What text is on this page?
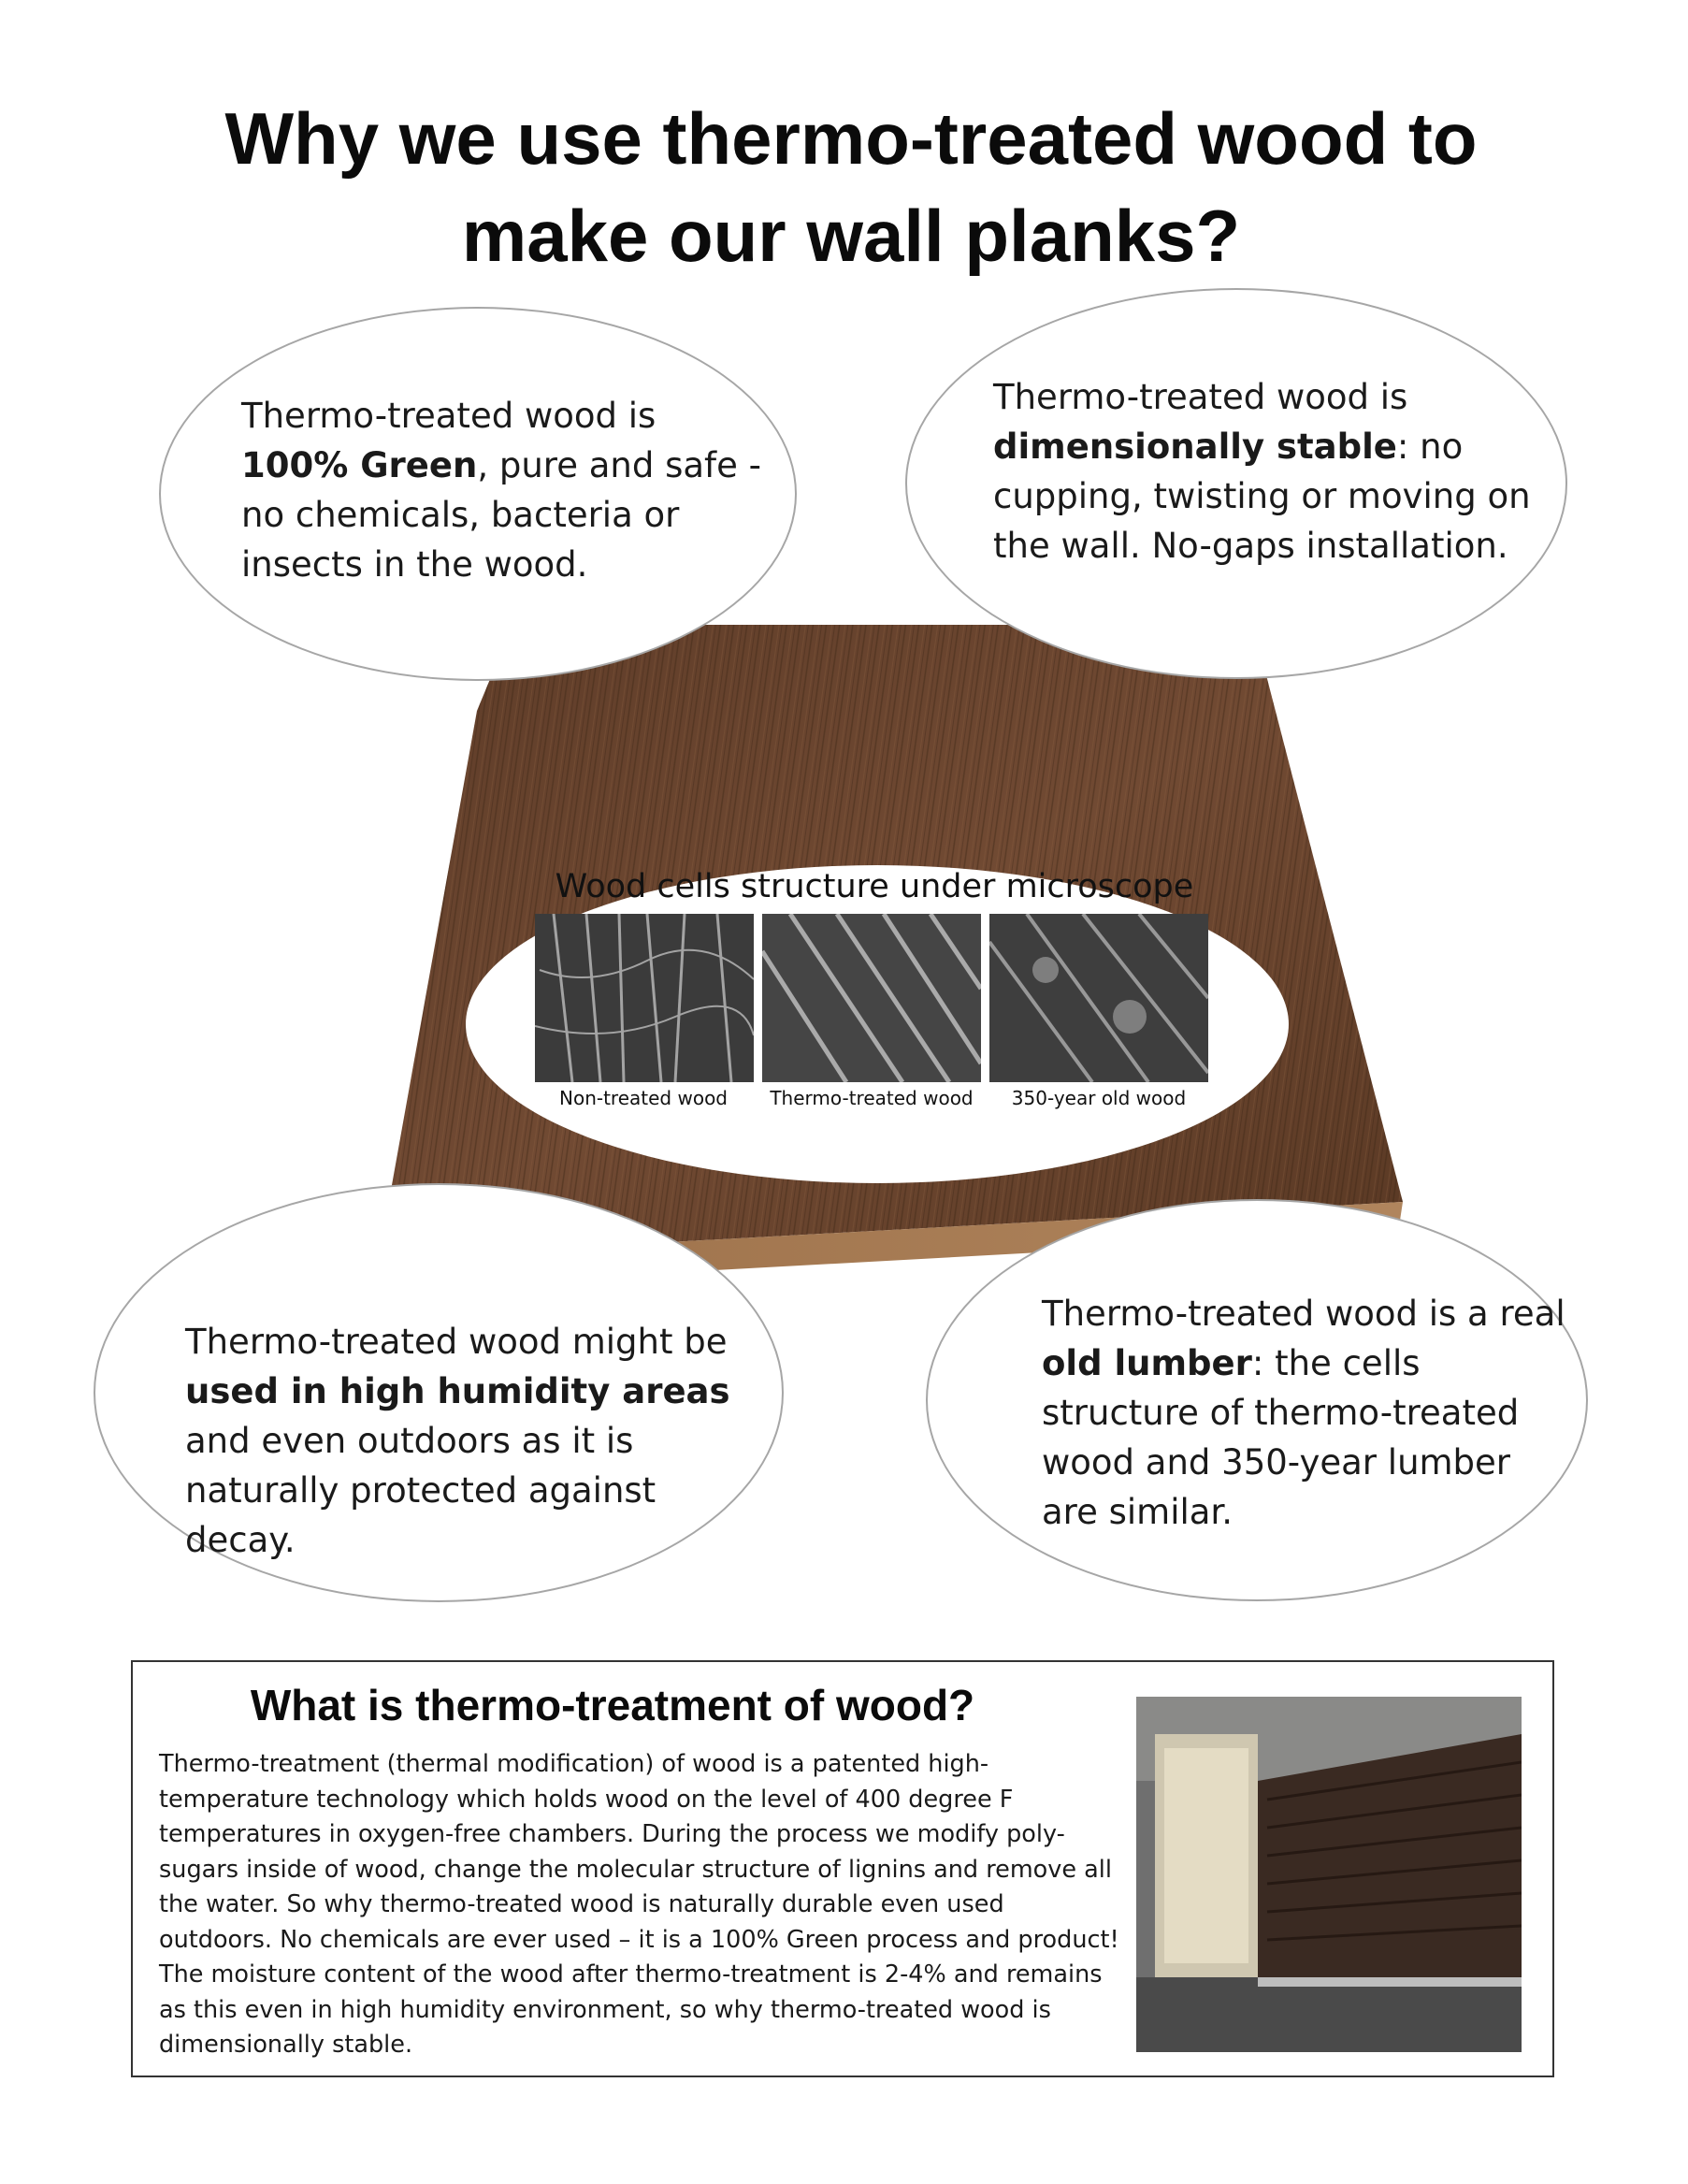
Why we use thermo-treated wood to
make our wall planks?
Thermo-treated wood is 100% Green, pure and safe - no chemicals, bacteria or insects in the wood.
Thermo-treated wood is dimensionally stable: no cupping, twisting or moving on the wall. No-gaps installation.
Thermo-treated wood might be used in high humidity areas and even outdoors as it is naturally protected against decay.
Thermo-treated wood is a real old lumber: the cells structure of thermo-treated wood and 350-year lumber are similar.
Wood cells structure under microscope
Non-treated wood	Thermo-treated wood	350-year old wood
What is thermo-treatment of wood?
Thermo-treatment (thermal modification) of wood is a patented high-temperature technology which holds wood on the level of 400 degree F temperatures in oxygen-free chambers. During the process we modify poly-sugars inside of wood, change the molecular structure of lignins and remove all the water. So why thermo-treated wood is naturally durable even used outdoors. No chemicals are ever used – it is a 100% Green process and product! The moisture content of the wood after thermo-treatment is 2-4% and remains as this even in high humidity environment, so why thermo-treated wood is dimensionally stable.
